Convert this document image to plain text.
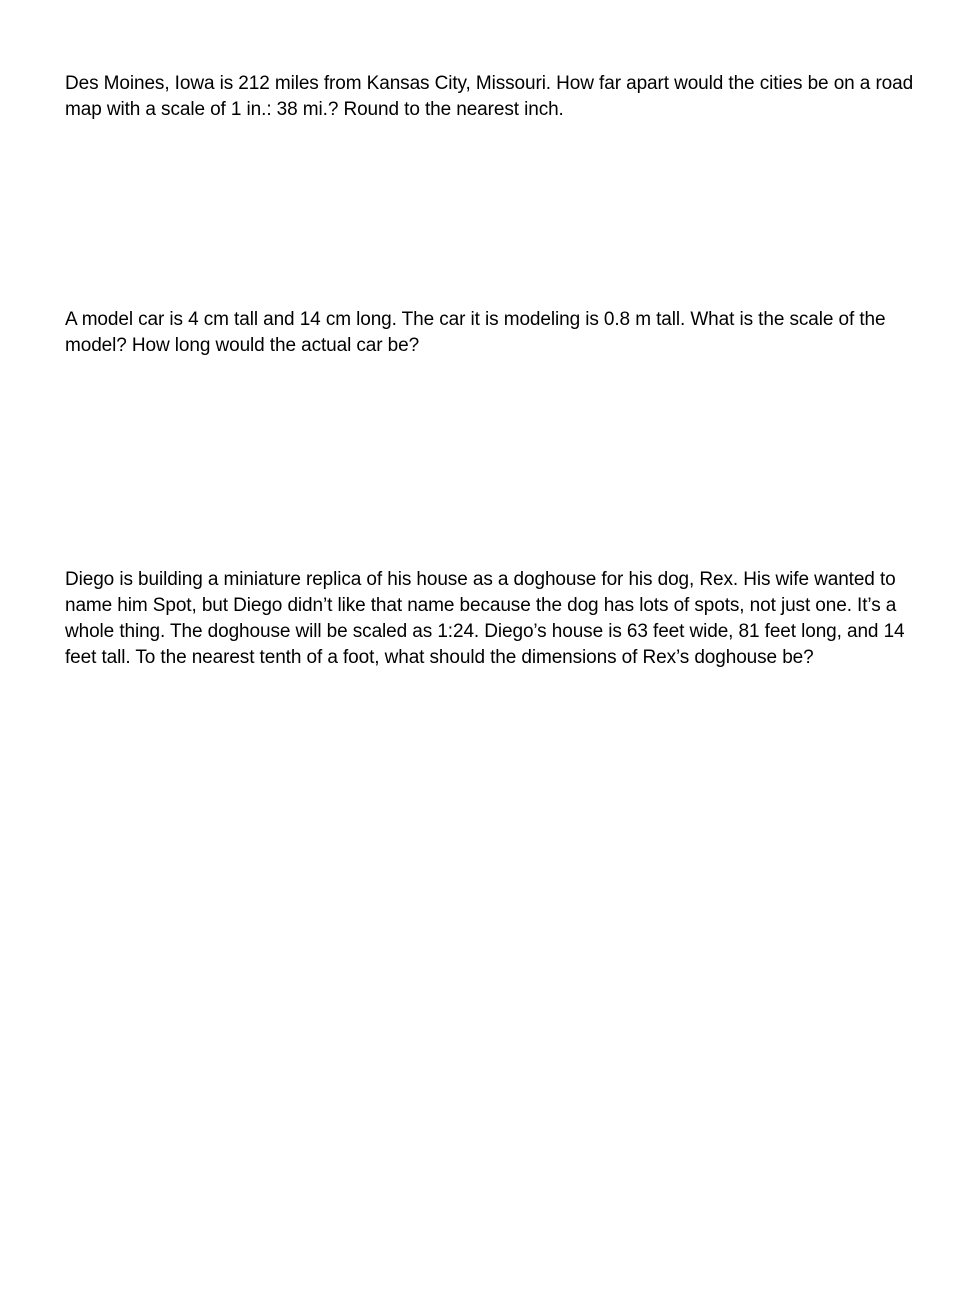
Des Moines, Iowa is 212 miles from Kansas City, Missouri. How far apart would the cities be on a road map with a scale of 1 in.: 38 mi.? Round to the nearest inch.

A model car is 4 cm tall and 14 cm long. The car it is modeling is 0.8 m tall. What is the scale of the model? How long would the actual car be?

Diego is building a miniature replica of his house as a doghouse for his dog, Rex. His wife wanted to name him Spot, but Diego didn’t like that name because the dog has lots of spots, not just one. It’s a whole thing. The doghouse will be scaled as 1:24. Diego’s house is 63 feet wide, 81 feet long, and 14 feet tall. To the nearest tenth of a foot, what should the dimensions of Rex’s doghouse be?
